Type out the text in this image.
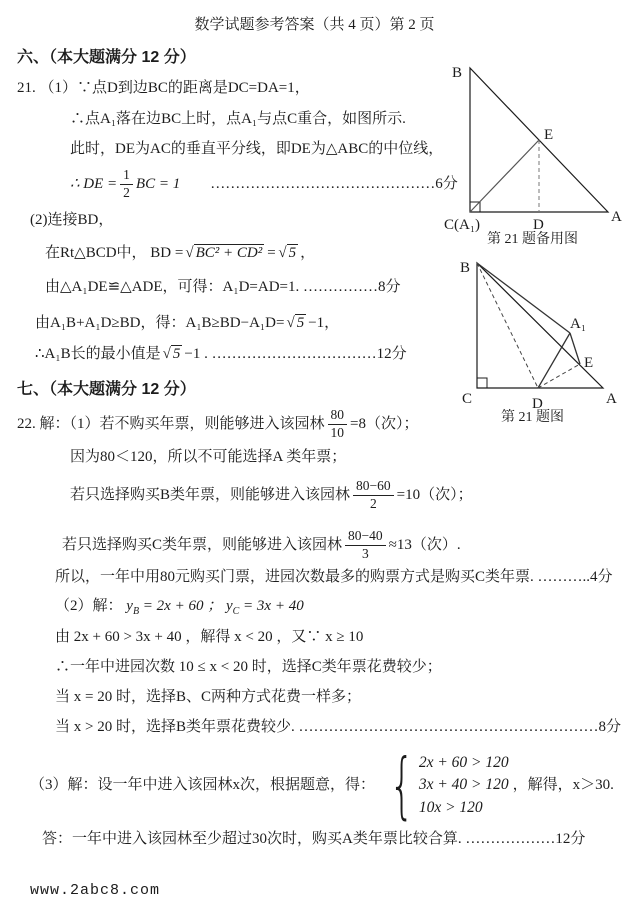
数学试题参考答案（共 4 页）第 2 页
六、（本大题满分 12 分）
21. （1）∵点D到边BC的距离是DC=DA=1，
∴点A₁落在边BC上时，点A₁与点C重合，如图所示.
此时，DE为AC的垂直平分线，即DE为△ABC的中位线，
∴ DE = $\frac{1}{2}$ BC = 1 ………………………………………6分
(2)连接BD，
在Rt△BCD中， BD = √ BC² + CD² = √ 5 ，
由△A₁DE≌△ADE，可得：A₁D=AD=1. ……………8分
由A₁B+A₁D≥BD，得：A₁B≥BD−A₁D= √ 5 −1，
∴A₁B长的最小值是 √ 5 −1 . ……………………………12分
七、（本大题满分 12 分）
22. 解：（1）若不购买年票，则能够进入该园林 $\frac{80}{10} =8$（次）；
因为80＜120，所以不可能选择A 类年票；
若只选择购买B类年票，则能够进入该园林 $\frac{80-60}{2} =10$（次）；
若只选择购买C类年票，则能够进入该园林 $\frac{80-40}{3} \approx 13$（次）.
所以，一年中用80元购买门票，进园次数最多的购票方式是购买C类年票. ………..4分
（2）解： $y_B = 2x + 60$ ； $y_C = 3x + 40$
由 2x + 60 > 3x + 40 ，解得 x < 20 ，又∵ x ≥ 10
∴一年中进园次数 10 ≤ x < 20 时，选择C类年票花费较少；
当 x = 20 时，选择B、C两种方式花费一样多；
当 x > 20 时，选择B类年票花费较少. ……………………………………………………8分
（3）解：设一年中进入该园林x次，根据题意，得： { 2x + 60 > 120
3x + 40 > 120
10x > 120
，解得，x＞30.
答：一年中进入该园林至少超过30次时，购买A类年票比较合算. ………………12分
B
E
C(A₁)	D	A
第 21 题备用图
B
A₁
E
C	D	A
第 21 题图
www.2abc8.com
